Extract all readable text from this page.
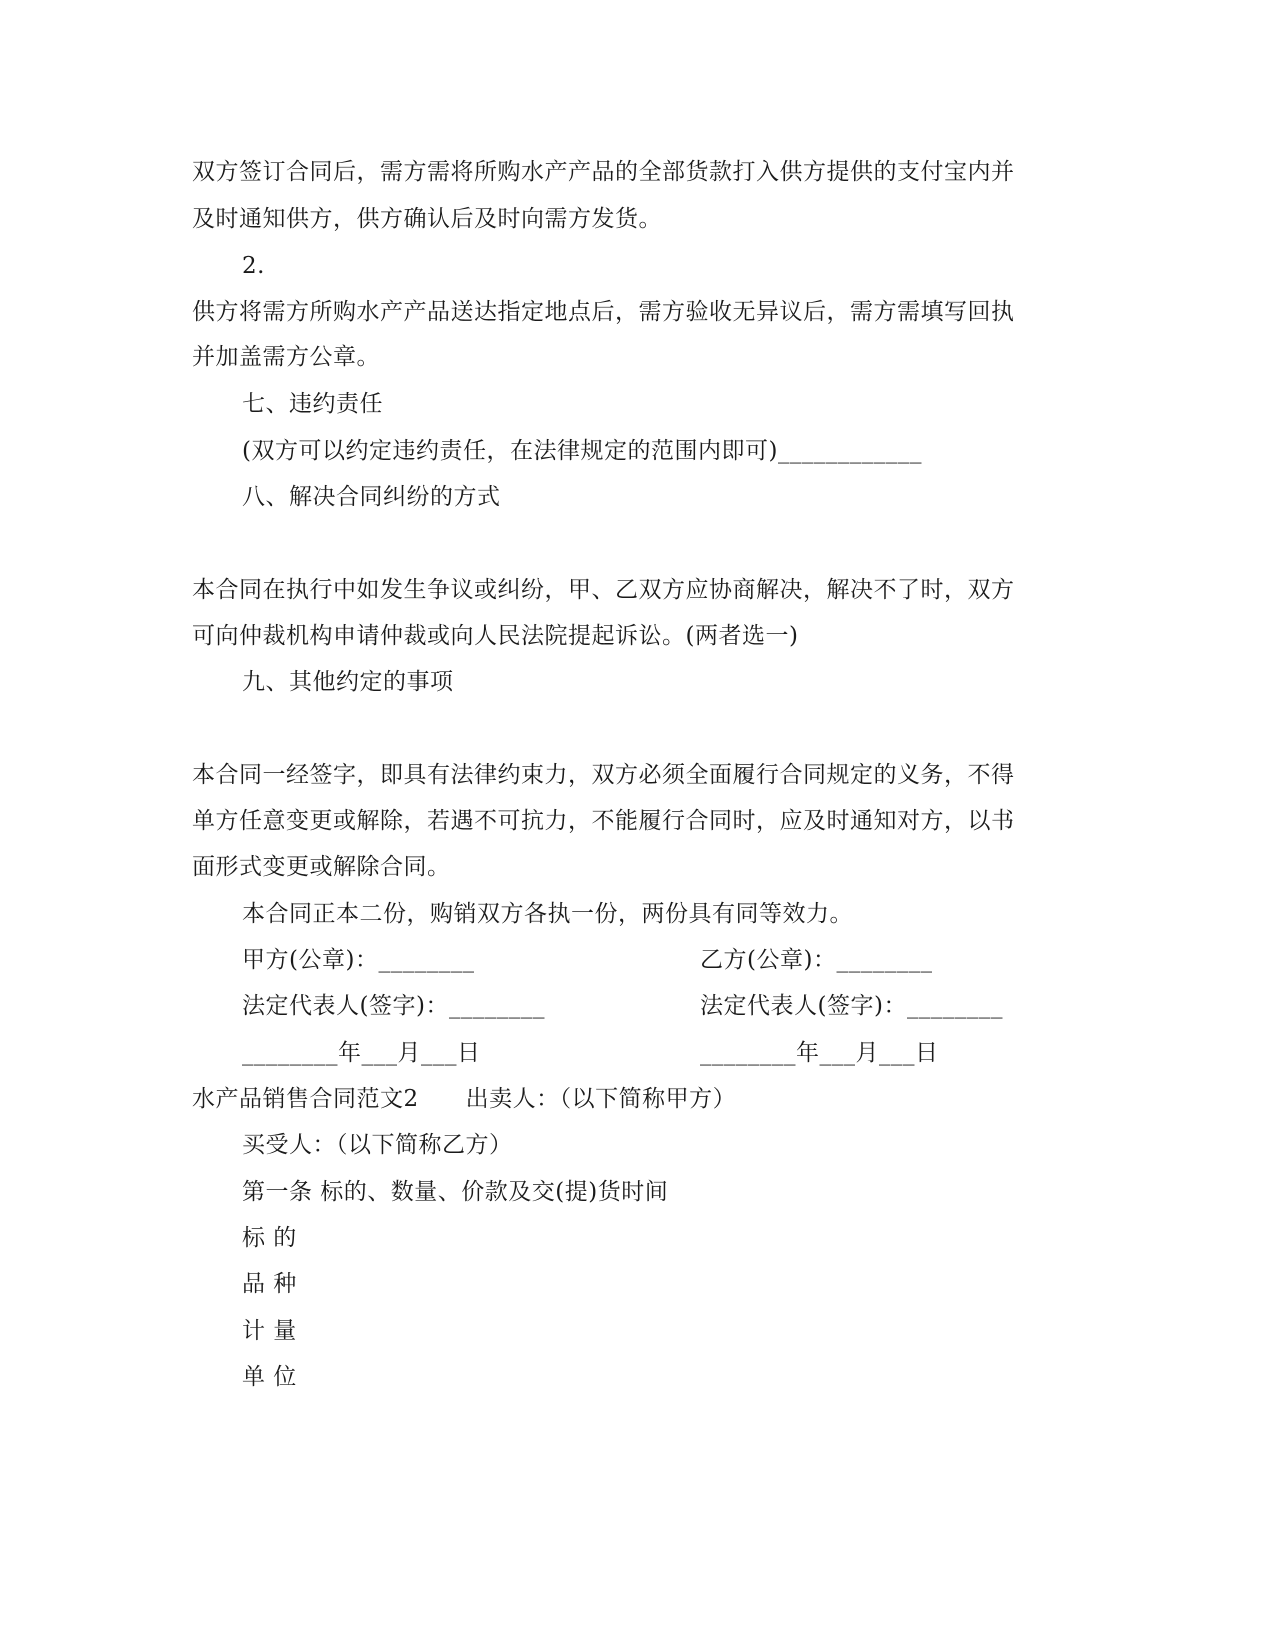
双方签订合同后，需方需将所购水产产品的全部货款打入供方提供的支付宝内并
及时通知供方，供方确认后及时向需方发货。
2.
供方将需方所购水产产品送达指定地点后，需方验收无异议后，需方需填写回执
并加盖需方公章。
七、违约责任
(双方可以约定违约责任，在法律规定的范围内即可)____________
八、解决合同纠纷的方式
本合同在执行中如发生争议或纠纷，甲、乙双方应协商解决，解决不了时，双方
可向仲裁机构申请仲裁或向人民法院提起诉讼。(两者选一)
九、其他约定的事项
本合同一经签字，即具有法律约束力，双方必须全面履行合同规定的义务，不得
单方任意变更或解除，若遇不可抗力，不能履行合同时，应及时通知对方，以书
面形式变更或解除合同。
本合同正本二份，购销双方各执一份，两份具有同等效力。
甲方(公章)：________	乙方(公章)：________
法定代表人(签字)：________	法定代表人(签字)：________
________年___月___日	________年___月___日
水产品销售合同范文2　　出卖人：（以下简称甲方）
买受人：（以下简称乙方）
第一条 标的、数量、价款及交(提)货时间
标 的
品 种
计 量
单 位
